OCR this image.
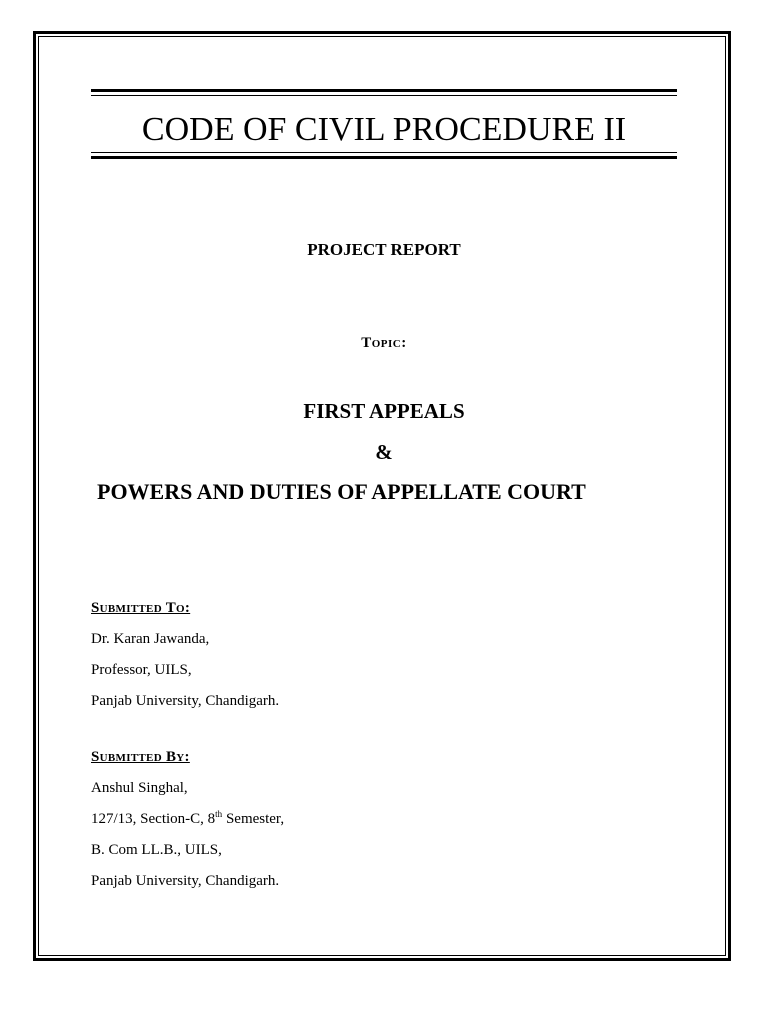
CODE OF CIVIL PROCEDURE II

PROJECT REPORT

Topic:

FIRST APPEALS

&

POWERS AND DUTIES OF APPELLATE COURT

Submitted To:
Dr. Karan Jawanda,
Professor, UILS,
Panjab University, Chandigarh.
Submitted By:
Anshul Singhal,
127/13, Section-C, 8th Semester,
B. Com LL.B., UILS,
Panjab University, Chandigarh.
